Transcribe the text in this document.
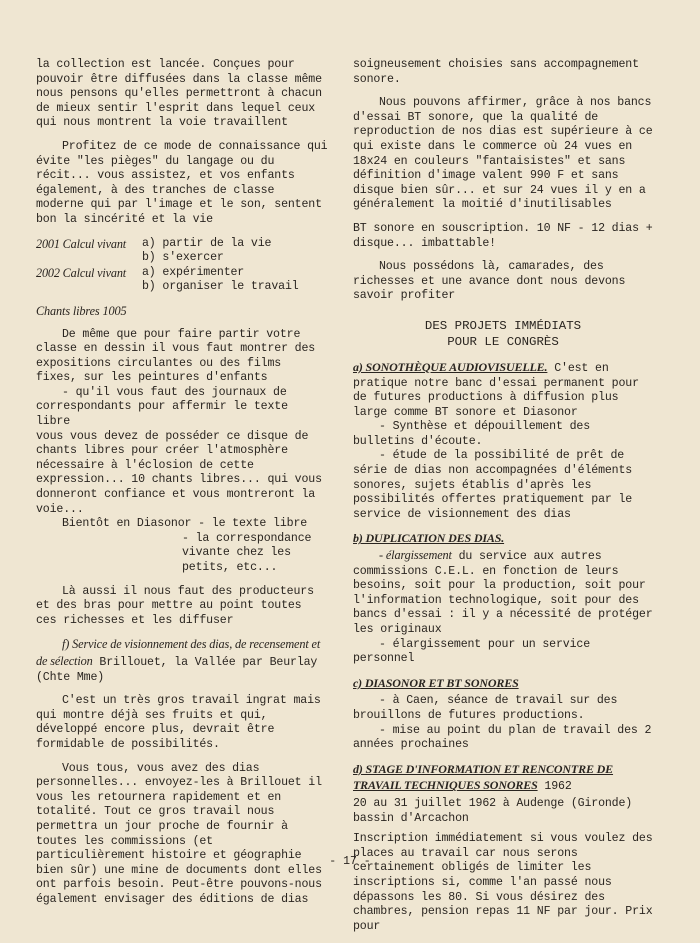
la collection est lancée. Conçues pour pouvoir être diffusées dans la classe même nous pensons qu'elles permettront à chacun de mieux sentir l'esprit dans lequel ceux qui nous montrent la voie travaillent

Profitez de ce mode de connaissance qui évite "les pièges" du langage ou du récit... vous assistez, et vos enfants également, à des tranches de classe moderne qui par l'image et le son, sentent bon la sincérité et la vie

2001 Calcul vivant	a) partir de la vie
b) s'exercer
2002 Calcul vivant	a) expérimenter
b) organiser le travail

Chants libres 1005

De même que pour faire partir votre classe en dessin il vous faut montrer des expositions circulantes ou des films fixes, sur les peintures d'enfants

- qu'il vous faut des journaux de correspondants pour affermir le texte libre

vous vous devez de posséder ce disque de chants libres pour créer l'atmosphère nécessaire à l'éclosion de cette expression... 10 chants libres... qui vous donneront confiance et vous montreront la voie...

Bientôt en Diasonor - le texte libre

- la correspondance vivante chez les petits, etc...

Là aussi il nous faut des producteurs et des bras pour mettre au point toutes ces richesses et les diffuser

f) Service de visionnement des dias, de recensement et de sélection Brillouet, la Vallée par Beurlay (Chte Mme)

C'est un très gros travail ingrat mais qui montre déjà ses fruits et qui, développé encore plus, devrait être formidable de possibilités.

Vous tous, vous avez des dias personnelles... envoyez-les à Brillouet il vous les retournera rapidement et en totalité. Tout ce gros travail nous permettra un jour proche de fournir à toutes les commissions (et particulièrement histoire et géographie bien sûr) une mine de documents dont elles ont parfois besoin. Peut-être pouvons-nous également envisager des éditions de dias

soigneusement choisies sans accompagnement sonore.

Nous pouvons affirmer, grâce à nos bancs d'essai BT sonore, que la qualité de reproduction de nos dias est supérieure à ce qui existe dans le commerce où 24 vues en 18x24 en couleurs "fantaisistes" et sans définition d'image valent 990 F et sans disque bien sûr... et sur 24 vues il y en a généralement la moitié d'inutilisables

BT sonore en souscription. 10 NF - 12 dias + disque... imbattable!

Nous possédons là, camarades, des richesses et une avance dont nous devons savoir profiter

DES PROJETS IMMÉDIATS
POUR LE CONGRÈS

a) SONOTHÈQUE AUDIOVISUELLE. C'est en pratique notre banc d'essai permanent pour de futures productions à diffusion plus large comme BT sonore et Diasonor

- Synthèse et dépouillement des bulletins d'écoute.

- étude de la possibilité de prêt de série de dias non accompagnées d'éléments sonores, sujets établis d'après les possibilités offertes pratiquement par le service de visionnement des dias

b) DUPLICATION DES DIAS.

- élargissement du service aux autres commissions C.E.L. en fonction de leurs besoins, soit pour la production, soit pour l'information technologique, soit pour des bancs d'essai : il y a nécessité de protéger les originaux

- élargissement pour un service personnel

c) DIASONOR ET BT SONORES

- à Caen, séance de travail sur des brouillons de futures productions.

- mise au point du plan de travail des 2 années prochaines

d) STAGE D'INFORMATION ET RENCONTRE DE TRAVAIL TECHNIQUES SONORES 1962

20 au 31 juillet 1962 à Audenge (Gironde) bassin d'Arcachon

Inscription immédiatement si vous voulez des places au travail car nous serons certainement obligés de limiter les inscriptions si, comme l'an passé nous dépassons les 80. Si vous désirez des chambres, pension repas 11 NF par jour. Prix pour

- 17 -
